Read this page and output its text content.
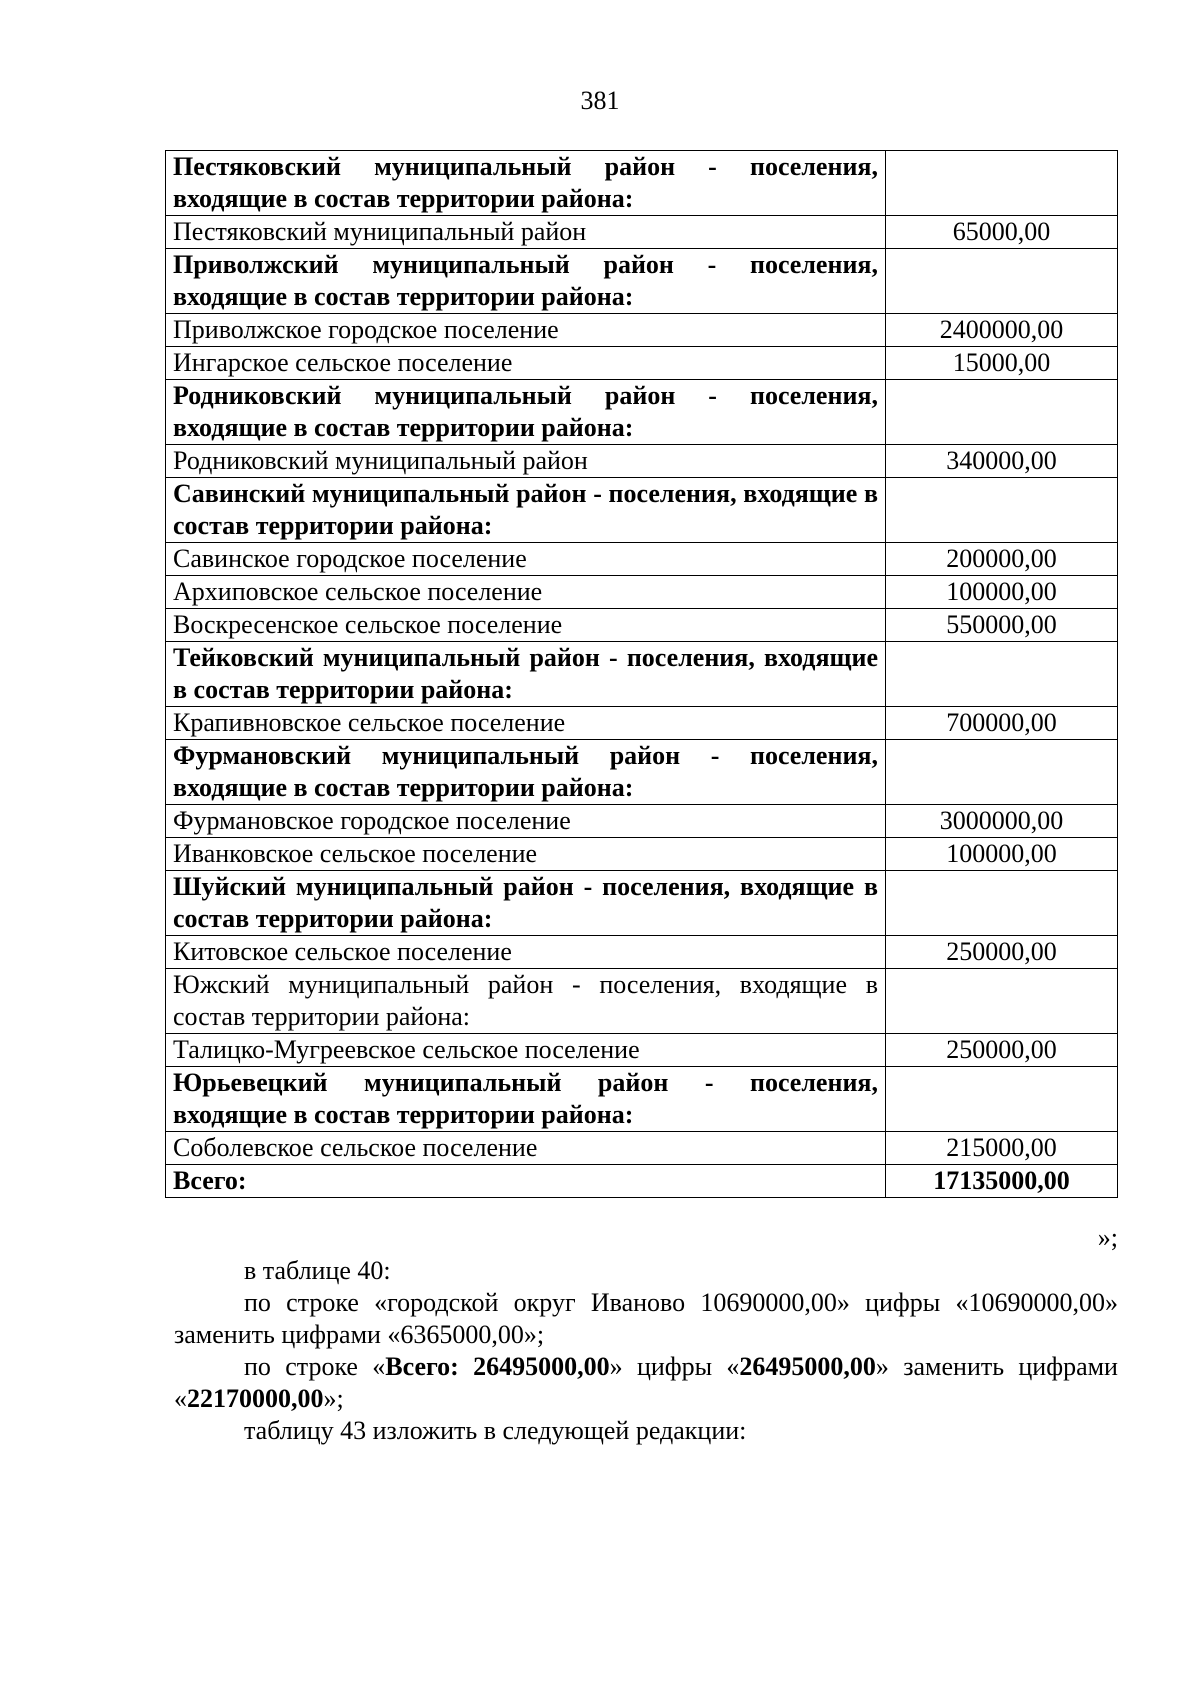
381
Пестяковский муниципальный район - поселения, входящие в состав территории района:	
Пестяковский муниципальный район	65000,00
Приволжский муниципальный район - поселения, входящие в состав территории района:	
Приволжское городское поселение	2400000,00
Ингарское сельское поселение	15000,00
Родниковский муниципальный район - поселения, входящие в состав территории района:	
Родниковский муниципальный район	340000,00
Савинский муниципальный район - поселения, входящие в состав территории района:	
Савинское городское поселение	200000,00
Архиповское сельское поселение	100000,00
Воскресенское сельское поселение	550000,00
Тейковский муниципальный район - поселения, входящие в состав территории района:	
Крапивновское сельское поселение	700000,00
Фурмановский муниципальный район - поселения, входящие в состав территории района:	
Фурмановское городское поселение	3000000,00
Иванковское сельское поселение	100000,00
Шуйский муниципальный район - поселения, входящие в состав территории района:	
Китовское сельское поселение	250000,00
Южский муниципальный район - поселения, входящие в состав территории района:	
Талицко-Мугреевское сельское поселение	250000,00
Юрьевецкий муниципальный район - поселения, входящие в состав территории района:	
Соболевское сельское поселение	215000,00
Всего:	17135000,00
»;

в таблице 40:

по строке «городской округ Иваново 10690000,00» цифры «10690000,00» заменить цифрами «6365000,00»;

по строке «Всего: 26495000,00» цифры «26495000,00» заменить цифрами «22170000,00»;

таблицу 43 изложить в следующей редакции:
